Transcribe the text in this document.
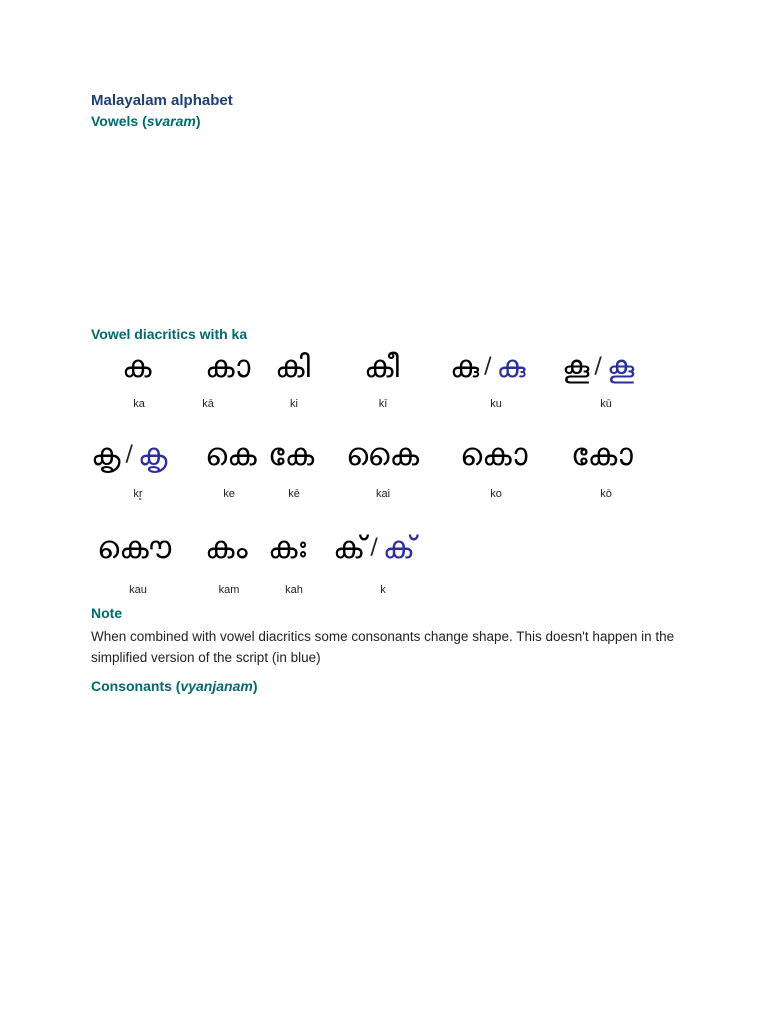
Malayalam alphabet
Vowels (svaram)
Vowel diacritics with ka
ക
ka
ക
kā
ക
ki
ക
kī
കു / കു
ku
കൂ / കൂ
kū
കൃ / കൃ
kr̥
ക
ke
ക
kē
ക
kai
ക
ko
ക
kō
ക
kau
ക
kam
ക
kah
ക് / ക്
k
Note

When combined with vowel diacritics some consonants change shape. This doesn't happen in the simplified version of the script (in blue)

Consonants (vyanjanam)
